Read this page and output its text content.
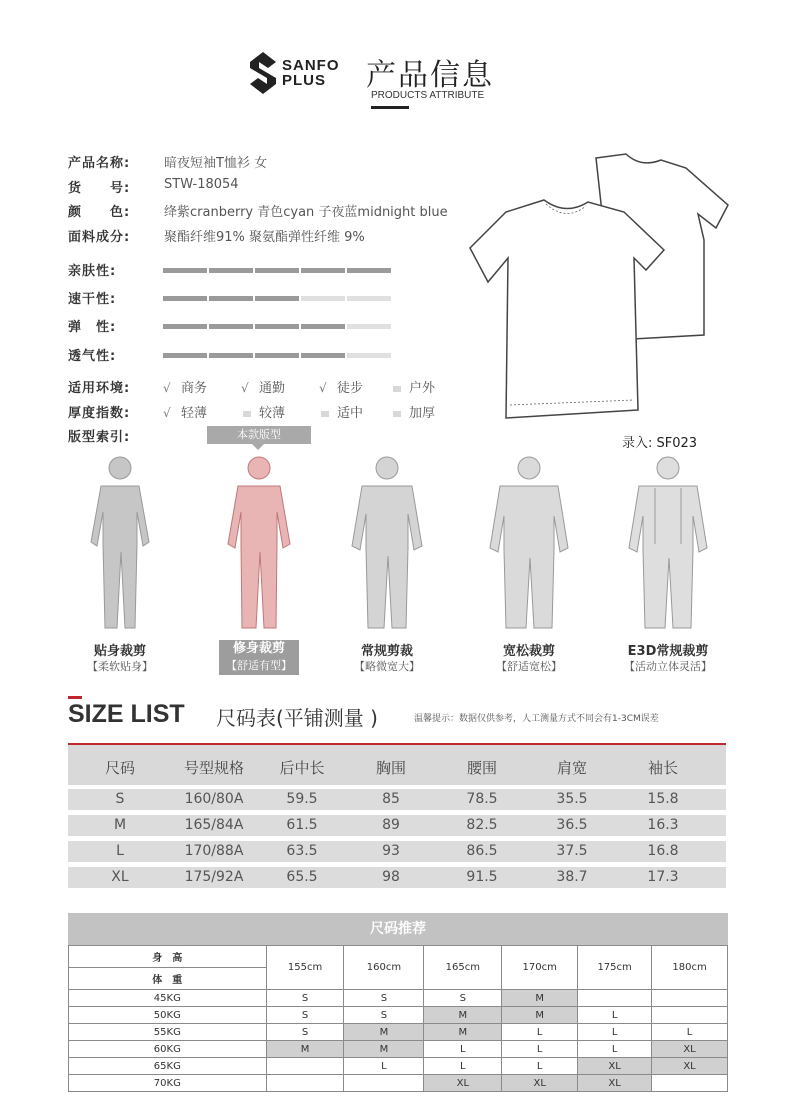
SANFO
PLUS	产品信息
PRODUCTS ATTRIBUTE
产品名称:	暗夜短袖T恤衫 女
货　　号:	STW-18054
颜　　色:	绛紫cranberry 青色cyan 子夜蓝midnight blue
面料成分:	聚酯纤维91% 聚氨酯弹性纤维 9%
亲肤性:
速干性:
弹　性:
透气性:
适用环境:	√ 商务	√ 通勤	√ 徒步	户外
厚度指数:	√ 轻薄	较薄	适中	加厚
版型索引:	本款版型
录入: SF023
贴身裁剪
【柔软贴身】
修身裁剪
【舒适有型】
常规剪裁
【略微宽大】
宽松裁剪
【舒适宽松】
E3D常规裁剪
【活动立体灵活】
SIZE LIST 尺码表(平铺测量 )	温馨提示：数据仅供参考，人工测量方式不同会有1-3CM误差
尺码	号型规格	后中长	胸围	腰围	肩宽	袖长
S	160/80A	59.5	85	78.5	35.5	15.8
M	165/84A	61.5	89	82.5	36.5	16.3
L	170/88A	63.5	93	86.5	37.5	16.8
XL	175/92A	65.5	98	91.5	38.7	17.3
尺码推荐
身　高	155cm	160cm	165cm	170cm	175cm	180cm
体　重						
45KG	S	S	S	M		
50KG	S	S	M	M	L	
55KG	S	M	M	L	L	L
60KG	M	M	L	L	L	XL
65KG		L	L	L	XL	XL
70KG			XL	XL	XL	
